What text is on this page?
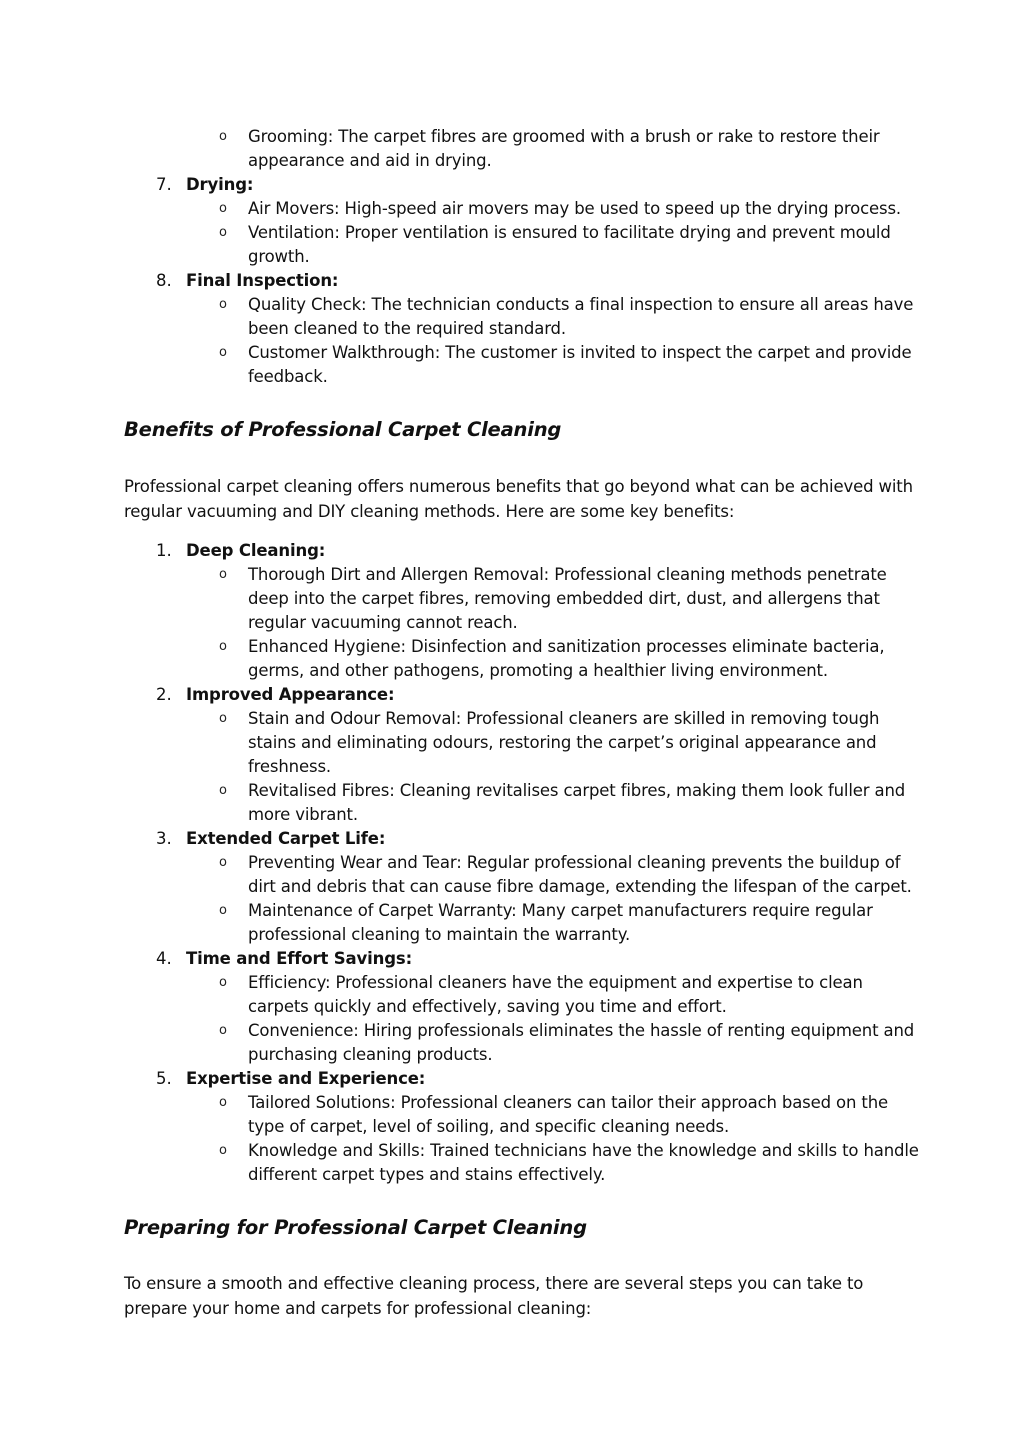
o Grooming: The carpet fibres are groomed with a brush or rake to restore their
appearance and aid in drying.
7. Drying:
o Air Movers: High-speed air movers may be used to speed up the drying process.
o Ventilation: Proper ventilation is ensured to facilitate drying and prevent mould
growth.
8. Final Inspection:
o Quality Check: The technician conducts a final inspection to ensure all areas have
been cleaned to the required standard.
o Customer Walkthrough: The customer is invited to inspect the carpet and provide
feedback.
Benefits of Professional Carpet Cleaning
Professional carpet cleaning offers numerous benefits that go beyond what can be achieved with
regular vacuuming and DIY cleaning methods. Here are some key benefits:
1. Deep Cleaning:
o Thorough Dirt and Allergen Removal: Professional cleaning methods penetrate
deep into the carpet fibres, removing embedded dirt, dust, and allergens that
regular vacuuming cannot reach.
o Enhanced Hygiene: Disinfection and sanitization processes eliminate bacteria,
germs, and other pathogens, promoting a healthier living environment.
2. Improved Appearance:
o Stain and Odour Removal: Professional cleaners are skilled in removing tough
stains and eliminating odours, restoring the carpet’s original appearance and
freshness.
o Revitalised Fibres: Cleaning revitalises carpet fibres, making them look fuller and
more vibrant.
3. Extended Carpet Life:
o Preventing Wear and Tear: Regular professional cleaning prevents the buildup of
dirt and debris that can cause fibre damage, extending the lifespan of the carpet.
o Maintenance of Carpet Warranty: Many carpet manufacturers require regular
professional cleaning to maintain the warranty.
4. Time and Effort Savings:
o Efficiency: Professional cleaners have the equipment and expertise to clean
carpets quickly and effectively, saving you time and effort.
o Convenience: Hiring professionals eliminates the hassle of renting equipment and
purchasing cleaning products.
5. Expertise and Experience:
o Tailored Solutions: Professional cleaners can tailor their approach based on the
type of carpet, level of soiling, and specific cleaning needs.
o Knowledge and Skills: Trained technicians have the knowledge and skills to handle
different carpet types and stains effectively.
Preparing for Professional Carpet Cleaning
To ensure a smooth and effective cleaning process, there are several steps you can take to
prepare your home and carpets for professional cleaning:
